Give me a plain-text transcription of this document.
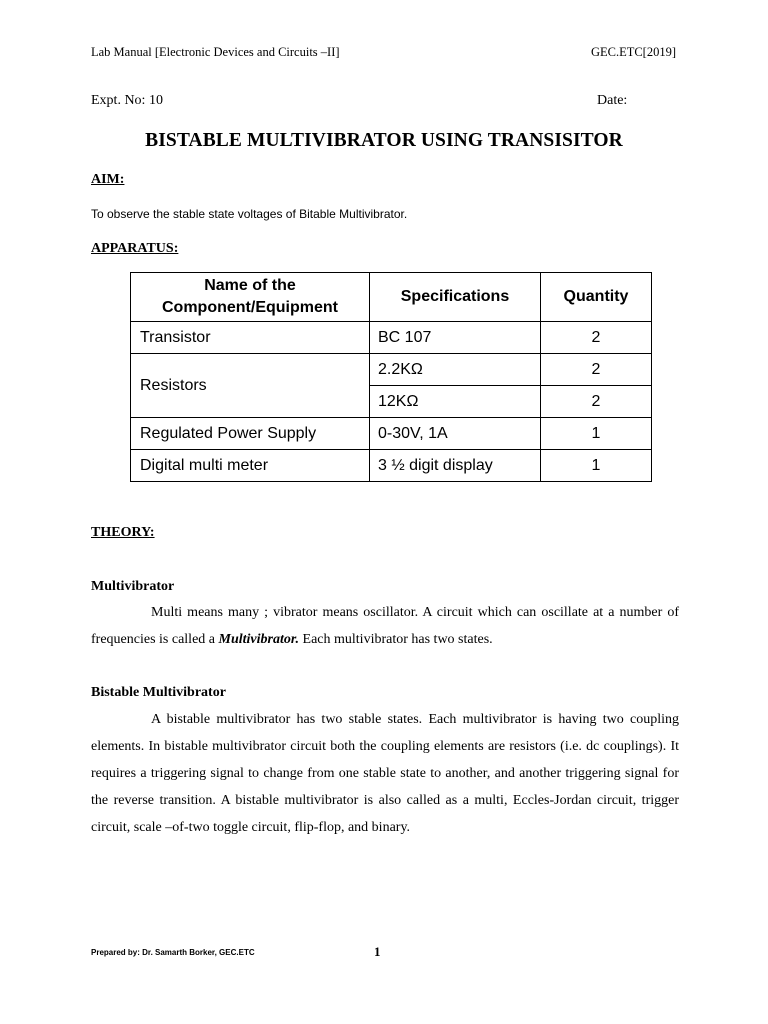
Lab Manual [Electronic Devices and Circuits –II]	GEC.ETC[2019]
Expt. No: 10	Date:
BISTABLE MULTIVIBRATOR USING TRANSISITOR
AIM:
To observe the stable state voltages of Bitable Multivibrator.
APPARATUS:
Name of the Component/Equipment	Specifications	Quantity
Transistor	BC 107	2
Resistors	2.2KΩ	2
	12KΩ	2
Regulated Power Supply	0-30V, 1A	1
Digital multi meter	3 ½ digit display	1
THEORY:
Multivibrator
Multi means many ; vibrator means oscillator. A circuit which can oscillate at a number of frequencies is called a Multivibrator. Each multivibrator has two states.
Bistable Multivibrator
A bistable multivibrator has two stable states. Each multivibrator is having two coupling elements. In bistable multivibrator circuit both the coupling elements are resistors (i.e. dc couplings). It requires a triggering signal to change from one stable state to another, and another triggering signal for the reverse transition. A bistable multivibrator is also called as a multi, Eccles-Jordan circuit, trigger circuit, scale –of-two toggle circuit, flip-flop, and binary.
Prepared by: Dr. Samarth Borker, GEC.ETC	1
